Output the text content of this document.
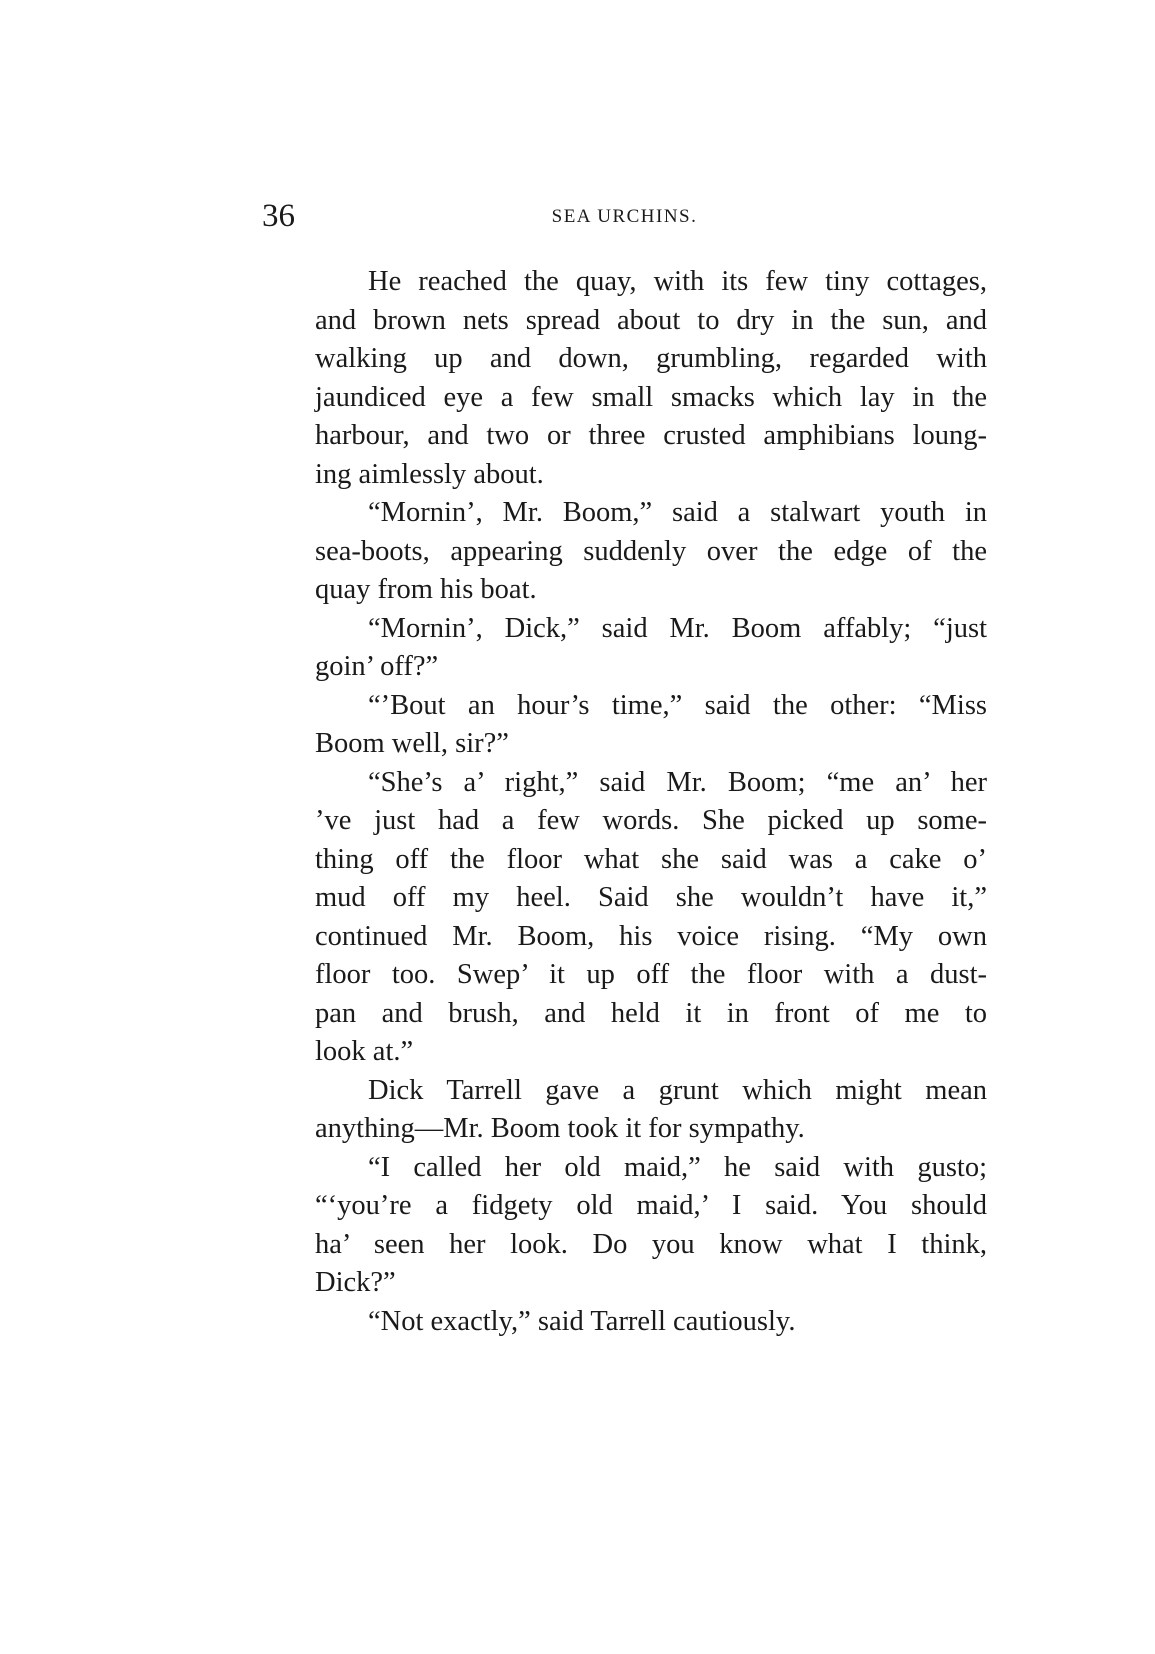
36	SEA URCHINS.
He reached the quay, with its few tiny cottages,
and brown nets spread about to dry in the sun, and
walking up and down, grumbling, regarded with
jaundiced eye a few small smacks which lay in the
harbour, and two or three crusted amphibians loung-
ing aimlessly about.
“Mornin’, Mr. Boom,” said a stalwart youth in
sea-boots, appearing suddenly over the edge of the
quay from his boat.
“Mornin’, Dick,” said Mr. Boom affably; “just
goin’ off?”
“’Bout an hour’s time,” said the other: “Miss
Boom well, sir?”
“She’s a’ right,” said Mr. Boom; “me an’ her
’ve just had a few words. She picked up some-
thing off the floor what she said was a cake o’
mud off my heel. Said she wouldn’t have it,”
continued Mr. Boom, his voice rising. “My own
floor too. Swep’ it up off the floor with a dust-
pan and brush, and held it in front of me to
look at.”
Dick Tarrell gave a grunt which might mean
anything—Mr. Boom took it for sympathy.
“I called her old maid,” he said with gusto;
“‘you’re a fidgety old maid,’ I said. You should
ha’ seen her look. Do you know what I think,
Dick?”
“Not exactly,” said Tarrell cautiously.
